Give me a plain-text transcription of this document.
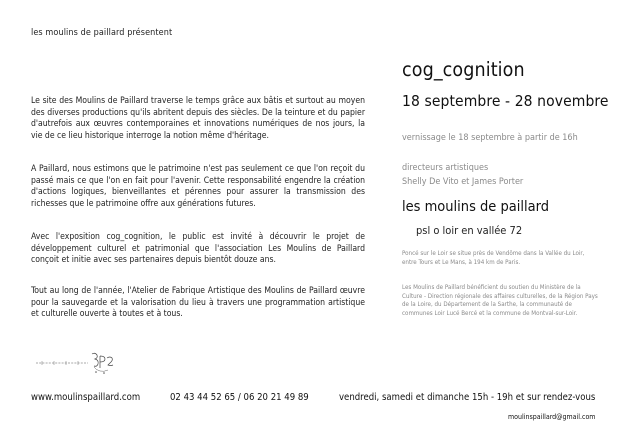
les moulins de paillard présentent

Le site des Moulins de Paillard traverse le temps grâce aux bâtis et surtout au moyen des diverses productions qu'ils abritent depuis des siècles. De la teinture et du papier d'autrefois aux œuvres contemporaines et innovations numériques de nos jours, la vie de ce lieu historique interroge la notion même d'héritage.

A Paillard, nous estimons que le patrimoine n'est pas seulement ce que l'on reçoit du passé mais ce que l'on en fait pour l'avenir. Cette responsabilité engendre la création d'actions logiques, bienveillantes et pérennes pour assurer la transmission des richesses que le patrimoine offre aux générations futures.

Avec l'exposition cog_cognition, le public est invité à découvrir le projet de développement culturel et patrimonial que l'association Les Moulins de Paillard conçoit et initie avec ses partenaires depuis bientôt douze ans.

Tout au long de l'année, l'Atelier de Fabrique Artistique des Moulins de Paillard œuvre pour la sauvegarde et la valorisation du lieu à travers une programmation artistique et culturelle ouverte à toutes et à tous.

cog_cognition
18 septembre - 28 novembre
vernissage le 18 septembre à partir de 16h
directeurs artistiques
Shelly De Vito et James Porter
les moulins de paillard
psl o loir en vallée 72

Poncé sur le Loir se situe près de Vendôme dans la Vallée du Loir, entre Tours et Le Mans, à 194 km de Paris.

Les Moulins de Paillard bénéficient du soutien du Ministère de la Culture - Direction régionale des affaires culturelles, de la Région Pays de la Loire, du Département de la Sarthe, la communauté de communes Loir Lucé Bercé et la commune de Montval-sur-Loir.

www.moulinspaillard.com	02 43 44 52 65 / 06 20 21 49 89	vendredi, samedi et dimanche 15h - 19h et sur rendez-vous
moulinspaillard@gmail.com
